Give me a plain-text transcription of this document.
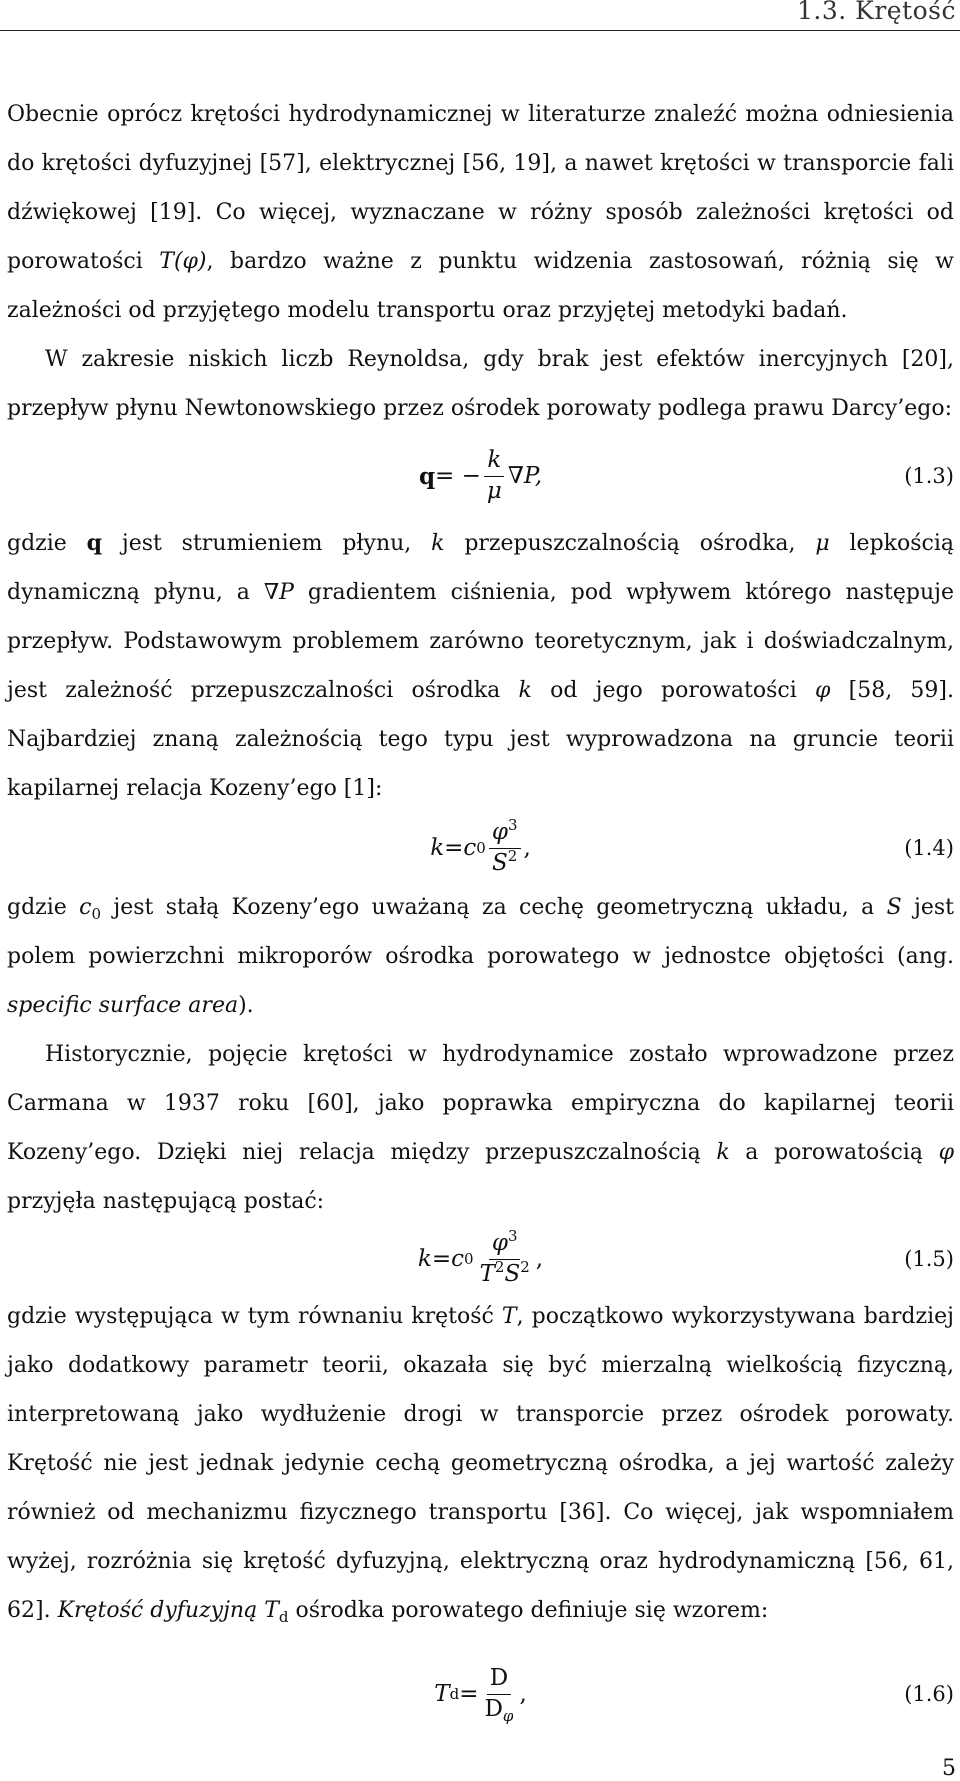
1.3. Krętość

Obecnie oprócz krętości hydrodynamicznej w literaturze znaleźć można odniesienia do krętości dyfuzyjnej [57], elektrycznej [56, 19], a nawet krętości w transporcie fali dźwiękowej [19]. Co więcej, wyznaczane w różny sposób zależności krętości od porowatości T(φ), bardzo ważne z punktu widzenia zastosowań, różnią się w zależności od przyjętego modelu transportu oraz przyjętej metodyki badań.

W zakresie niskich liczb Reynoldsa, gdy brak jest efektów inercyjnych [20], przepływ płynu Newtonowskiego przez ośrodek porowaty podlega prawu Darcy’ego:

q = − $\frac{k}{\mu} \nabla P$,	(1.3)

gdzie q jest strumieniem płynu, k przepuszczalnością ośrodka, μ lepkością dynamiczną płynu, a ∇P gradientem ciśnienia, pod wpływem którego następuje przepływ. Podstawowym problemem zarówno teoretycznym, jak i doświadczalnym, jest zależność przepuszczalności ośrodka k od jego porowatości φ [58, 59]. Najbardziej znaną zależnością tego typu jest wyprowadzona na gruncie teorii kapilarnej relacja Kozeny’ego [1]:

k = c $0 \frac{\varphi^3}{S^2}$ ,	(1.4)

gdzie $c_0$ jest stałą Kozeny’ego uważaną za cechę geometryczną układu, a S jest polem powierzchni mikroporów ośrodka porowatego w jednostce objętości (ang. specific surface area).

Historycznie, pojęcie krętości w hydrodynamice zostało wprowadzone przez Carmana w 1937 roku [60], jako poprawka empiryczna do kapilarnej teorii Kozeny’ego. Dzięki niej relacja między przepuszczalnością k a porowatością φ przyjęła następującą postać:

k = c $0 \frac{\varphi^3}{T^2S^2}$ ,	(1.5)

gdzie występująca w tym równaniu krętość T, początkowo wykorzystywana bardziej jako dodatkowy parametr teorii, okazała się być mierzalną wielkością fizyczną, interpretowaną jako wydłużenie drogi w transporcie przez ośrodek porowaty. Krętość nie jest jednak jedynie cechą geometryczną ośrodka, a jej wartość zależy również od mechanizmu fizycznego transportu [36]. Co więcej, jak wspomniałem wyżej, rozróżnia się krętość dyfuzyjną, elektryczną oraz hydrodynamiczną [56, 61, 62]. Krętość dyfuzyjną $T_d$ ośrodka porowatego definiuje się wzorem:

T $d = \frac{D}{D_\varphi}$ ,	(1.6)
5
